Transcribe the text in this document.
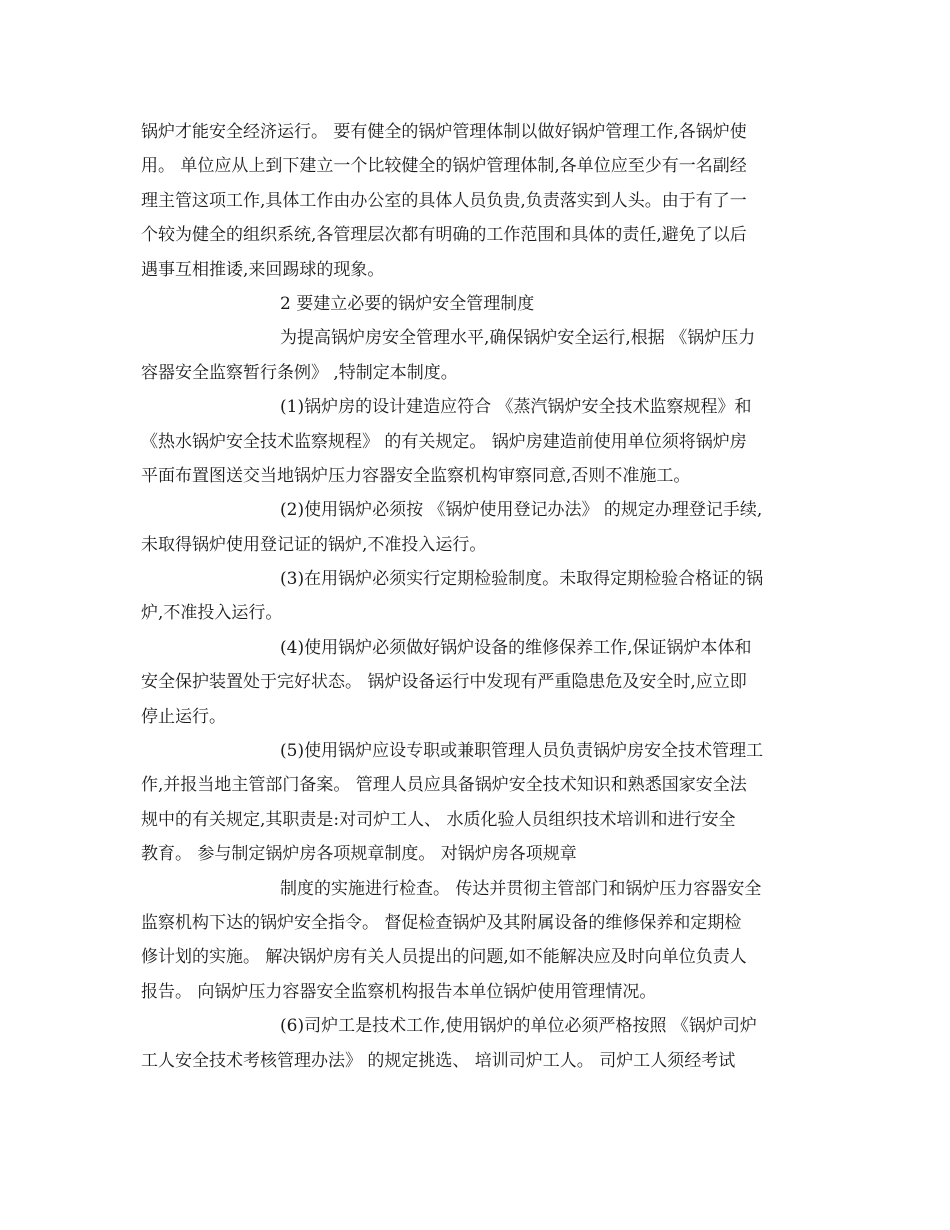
锅炉才能安全经济运行。 要有健全的锅炉管理体制以做好锅炉管理工作,各锅炉使
用。 单位应从上到下建立一个比较健全的锅炉管理体制,各单位应至少有一名副经
理主管这项工作,具体工作由办公室的具体人员负贵,负责落实到人头。由于有了一
个较为健全的组织系统,各管理层次都有明确的工作范围和具体的责任,避免了以后
遇事互相推诿,来回踢球的现象。
2 要建立必要的锅炉安全管理制度
为提高锅炉房安全管理水平,确保锅炉安全运行,根据 《锅炉压力
容器安全监察暂行条例》 ,特制定本制度。
(1)锅炉房的设计建造应符合 《蒸汽锅炉安全技术监察规程》和
《热水锅炉安全技术监察规程》 的有关规定。 锅炉房建造前使用单位须将锅炉房
平面布置图送交当地锅炉压力容器安全监察机构审察同意,否则不准施工。
(2)使用锅炉必须按 《锅炉使用登记办法》 的规定办理登记手续,
未取得锅炉使用登记证的锅炉,不准投入运行。
(3)在用锅炉必须实行定期检验制度。未取得定期检验合格证的锅
炉,不准投入运行。
(4)使用锅炉必须做好锅炉设备的维修保养工作,保证锅炉本体和
安全保护装置处于完好状态。 锅炉设备运行中发现有严重隐患危及安全时,应立即
停止运行。
(5)使用锅炉应设专职或兼职管理人员负责锅炉房安全技术管理工
作,并报当地主管部门备案。 管理人员应具备锅炉安全技术知识和熟悉国家安全法
规中的有关规定,其职责是:对司炉工人、 水质化验人员组织技术培训和进行安全
教育。 参与制定锅炉房各项规章制度。 对锅炉房各项规章
制度的实施进行检查。 传达并贯彻主管部门和锅炉压力容器安全
监察机构下达的锅炉安全指令。 督促检查锅炉及其附属设备的维修保养和定期检
修计划的实施。 解决锅炉房有关人员提出的问题,如不能解决应及时向单位负责人
报告。 向锅炉压力容器安全监察机构报告本单位锅炉使用管理情况。
(6)司炉工是技术工作,使用锅炉的单位必须严格按照 《锅炉司炉
工人安全技术考核管理办法》 的规定挑选、 培训司炉工人。 司炉工人须经考试
